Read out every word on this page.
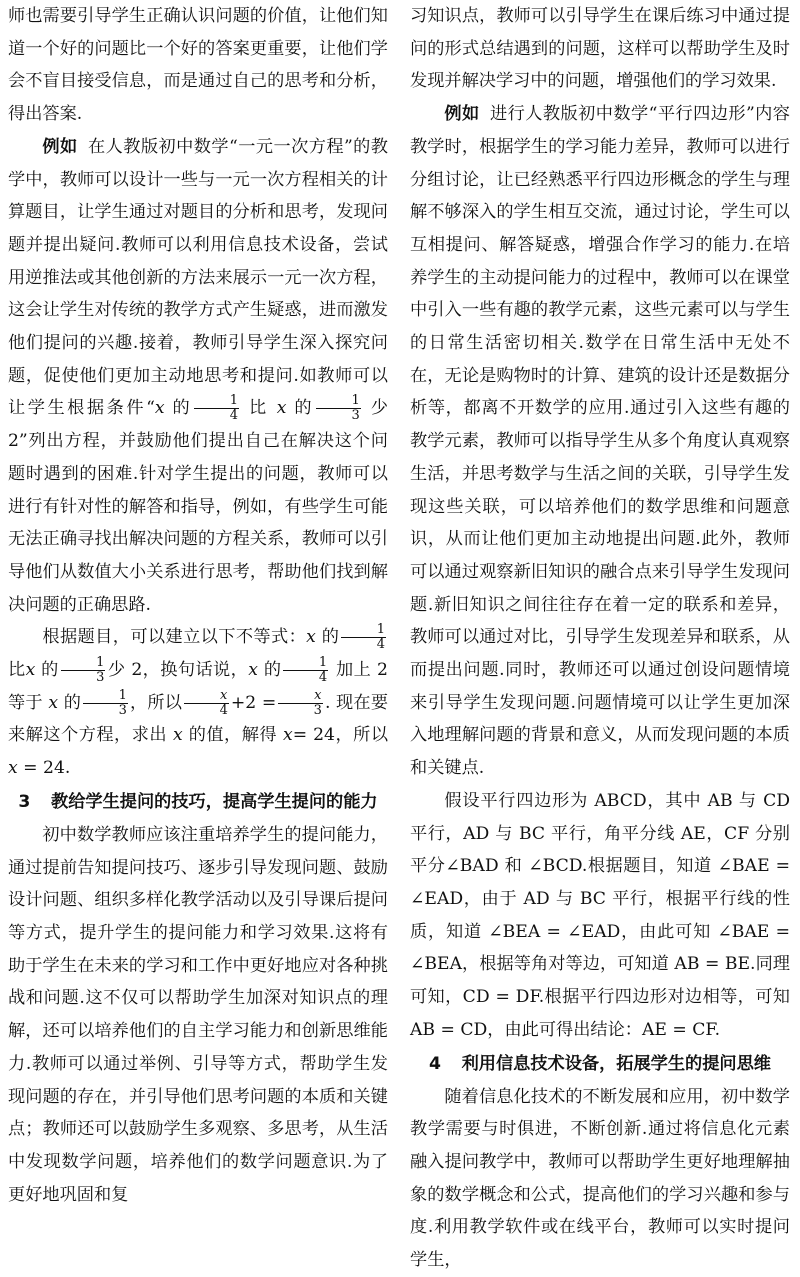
师也需要引导学生正确认识问题的价值，让他们知道一个好的问题比一个好的答案更重要，让他们学会不盲目接受信息，而是通过自己的思考和分析，得出答案.

例如 在人教版初中数学“一元一次方程”的教学中，教师可以设计一些与一元一次方程相关的计算题目，让学生通过对题目的分析和思考，发现问题并提出疑问.教师可以利用信息技术设备，尝试用逆推法或其他创新的方法来展示一元一次方程，这会让学生对传统的教学方式产生疑惑，进而激发他们提问的兴趣.接着，教师引导学生深入探究问题，促使他们更加主动地思考和提问.如教师可以让学生根据条件“x 的 $\frac{1}{4}$ 比 x 的 $\frac{1}{3}$ 少 2”列出方程，并鼓励他们提出自己在解决这个问题时遇到的困难.针对学生提出的问题，教师可以进行有针对性的解答和指导，例如，有些学生可能无法正确寻找出解决问题的方程关系，教师可以引导他们从数值大小关系进行思考，帮助他们找到解决问题的正确思路.

根据题目，可以建立以下不等式：x 的 $\frac{1}{4}$
比x 的 $\frac{1}{3}$ 少 2，换句话说，x 的 $\frac{1}{4}$ 加上 2 等于 x 的 $\frac{1}{3}$ ，所以 $\frac{x}{4} +2 = \frac{x}{3}$ . 现在要来解这个方程，求出 x 的值，解得 x= 24，所以 x = 24.

3 教给学生提问的技巧，提高学生提问的能力

初中数学教师应该注重培养学生的提问能力，通过提前告知提问技巧、逐步引导发现问题、鼓励设计问题、组织多样化教学活动以及引导课后提问等方式，提升学生的提问能力和学习效果.这将有助于学生在未来的学习和工作中更好地应对各种挑战和问题.这不仅可以帮助学生加深对知识点的理解，还可以培养他们的自主学习能力和创新思维能力.教师可以通过举例、引导等方式，帮助学生发现问题的存在，并引导他们思考问题的本质和关键点；教师还可以鼓励学生多观察、多思考，从生活中发现数学问题，培养他们的数学问题意识.为了更好地巩固和复

习知识点，教师可以引导学生在课后练习中通过提问的形式总结遇到的问题，这样可以帮助学生及时发现并解决学习中的问题，增强他们的学习效果.

例如 进行人教版初中数学“平行四边形”内容教学时，根据学生的学习能力差异，教师可以进行分组讨论，让已经熟悉平行四边形概念的学生与理解不够深入的学生相互交流，通过讨论，学生可以互相提问、解答疑惑，增强合作学习的能力.在培养学生的主动提问能力的过程中，教师可以在课堂中引入一些有趣的教学元素，这些元素可以与学生的日常生活密切相关.数学在日常生活中无处不在，无论是购物时的计算、建筑的设计还是数据分析等，都离不开数学的应用.通过引入这些有趣的教学元素，教师可以指导学生从多个角度认真观察生活，并思考数学与生活之间的关联，引导学生发现这些关联，可以培养他们的数学思维和问题意识，从而让他们更加主动地提出问题.此外，教师可以通过观察新旧知识的融合点来引导学生发现问题.新旧知识之间往往存在着一定的联系和差异，教师可以通过对比，引导学生发现差异和联系，从而提出问题.同时，教师还可以通过创设问题情境来引导学生发现问题.问题情境可以让学生更加深入地理解问题的背景和意义，从而发现问题的本质和关键点.

假设平行四边形为 ABCD，其中 AB 与 CD 平行，AD 与 BC 平行，角平分线 AE，CF 分别平分∠BAD 和 ∠BCD.根据题目，知道 ∠BAE = ∠EAD，由于 AD 与 BC 平行，根据平行线的性质，知道 ∠BEA = ∠EAD，由此可知 ∠BAE = ∠BEA，根据等角对等边，可知道 AB = BE.同理可知，CD = DF.根据平行四边形对边相等，可知 AB = CD，由此可得出结论：AE = CF.

4 利用信息技术设备，拓展学生的提问思维

随着信息化技术的不断发展和应用，初中数学教学需要与时俱进，不断创新.通过将信息化元素融入提问教学中，教师可以帮助学生更好地理解抽象的数学概念和公式，提高他们的学习兴趣和参与度.利用教学软件或在线平台，教师可以实时提问学生，
